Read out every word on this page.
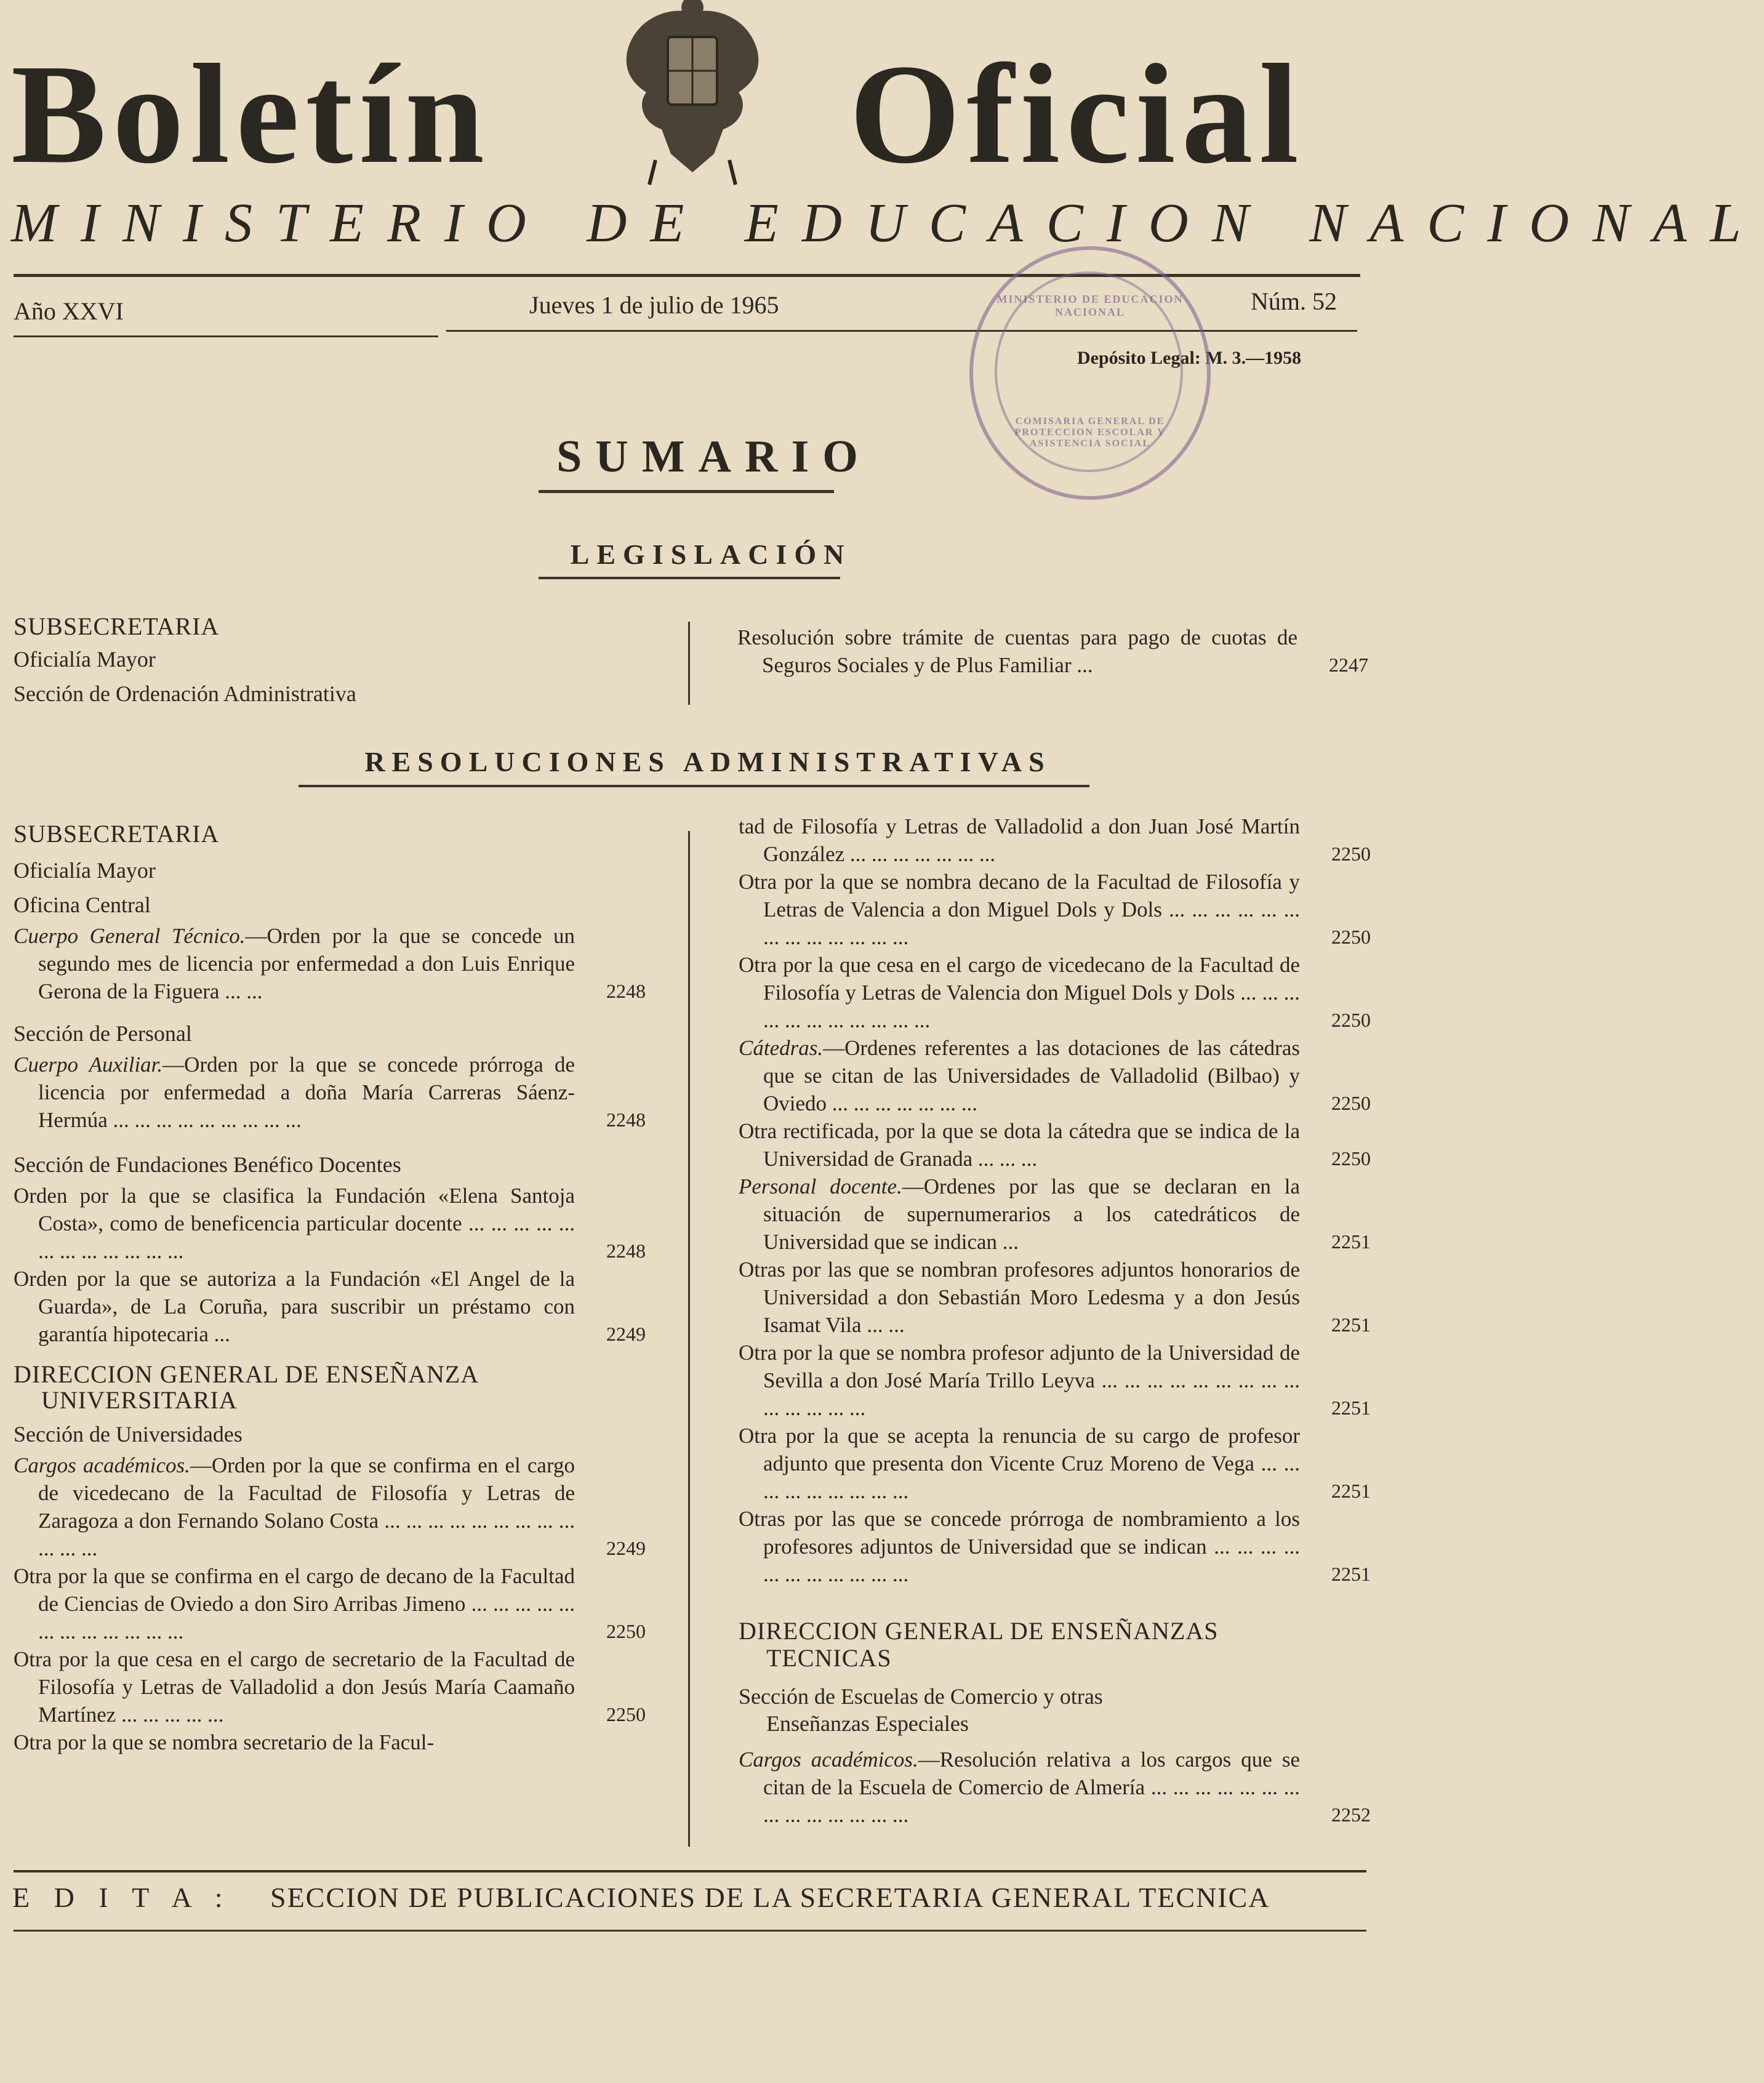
Boletín	Oficial
MINISTERIO DE EDUCACION NACIONAL
Año XXVI	Jueves 1 de julio de 1965	Núm. 52
Depósito Legal: M. 3.—1958
MINISTERIO DE EDUCACION NACIONAL
COMISARIA GENERAL DE PROTECCION ESCOLAR Y ASISTENCIA SOCIAL
SUMARIO
LEGISLACIÓN

SUBSECRETARIA

Oficialía Mayor

Sección de Ordenación Administrativa

Resolución sobre trámite de cuentas para pago de cuotas de Seguros Sociales y de Plus Familiar ...	2247
RESOLUCIONES ADMINISTRATIVAS

SUBSECRETARIA

Oficialía Mayor

Oficina Central

Cuerpo General Técnico.—Orden por la que se concede un segundo mes de licencia por enfermedad a don Luis Enrique Gerona de la Figuera ... ...	2248

Sección de Personal

Cuerpo Auxiliar.—Orden por la que se concede prórroga de licencia por enfermedad a doña María Carreras Sáenz-Hermúa ... ... ... ... ... ... ... ... ...	2248

Sección de Fundaciones Benéfico Docentes

Orden por la que se clasifica la Fundación «Elena Santoja Costa», como de beneficencia particular docente ... ... ... ... ... ... ... ... ... ... ... ...	2248
Orden por la que se autoriza a la Fundación «El Angel de la Guarda», de La Coruña, para suscribir un préstamo con garantía hipotecaria ...	2249

DIRECCION GENERAL DE ENSEÑANZA

UNIVERSITARIA

Sección de Universidades

Cargos académicos.—Orden por la que se confirma en el cargo de vicedecano de la Facultad de Filosofía y Letras de Zaragoza a don Fernando Solano Costa ... ... ... ... ... ... ... ... ... ... ... ...	2249
Otra por la que se confirma en el cargo de decano de la Facultad de Ciencias de Oviedo a don Siro Arribas Jimeno ... ... ... ... ... ... ... ... ... ... ... ...	2250
Otra por la que cesa en el cargo de secretario de la Facultad de Filosofía y Letras de Valladolid a don Jesús María Caamaño Martínez ... ... ... ... ...	2250
Otra por la que se nombra secretario de la Facul-
tad de Filosofía y Letras de Valladolid a don Juan José Martín González ... ... ... ... ... ... ...	2250
Otra por la que se nombra decano de la Facultad de Filosofía y Letras de Valencia a don Miguel Dols y Dols ... ... ... ... ... ... ... ... ... ... ... ... ...	2250
Otra por la que cesa en el cargo de vicedecano de la Facultad de Filosofía y Letras de Valencia don Miguel Dols y Dols ... ... ... ... ... ... ... ... ... ... ...	2250
Cátedras.—Ordenes referentes a las dotaciones de las cátedras que se citan de las Universidades de Valladolid (Bilbao) y Oviedo ... ... ... ... ... ... ...	2250
Otra rectificada, por la que se dota la cátedra que se indica de la Universidad de Granada ... ... ...	2250
Personal docente.—Ordenes por las que se declaran en la situación de supernumerarios a los catedráticos de Universidad que se indican ...	2251
Otras por las que se nombran profesores adjuntos honorarios de Universidad a don Sebastián Moro Ledesma y a don Jesús Isamat Vila ... ...	2251
Otra por la que se nombra profesor adjunto de la Universidad de Sevilla a don José María Trillo Leyva ... ... ... ... ... ... ... ... ... ... ... ... ... ...	2251
Otra por la que se acepta la renuncia de su cargo de profesor adjunto que presenta don Vicente Cruz Moreno de Vega ... ... ... ... ... ... ... ... ...	2251
Otras por las que se concede prórroga de nombramiento a los profesores adjuntos de Universidad que se indican ... ... ... ... ... ... ... ... ... ... ...	2251

DIRECCION GENERAL DE ENSEÑANZAS

TECNICAS

Sección de Escuelas de Comercio y otras

Enseñanzas Especiales

Cargos académicos.—Resolución relativa a los cargos que se citan de la Escuela de Comercio de Almería ... ... ... ... ... ... ... ... ... ... ... ... ... ...	2252
E D I T A : SECCION DE PUBLICACIONES DE LA SECRETARIA GENERAL TECNICA
